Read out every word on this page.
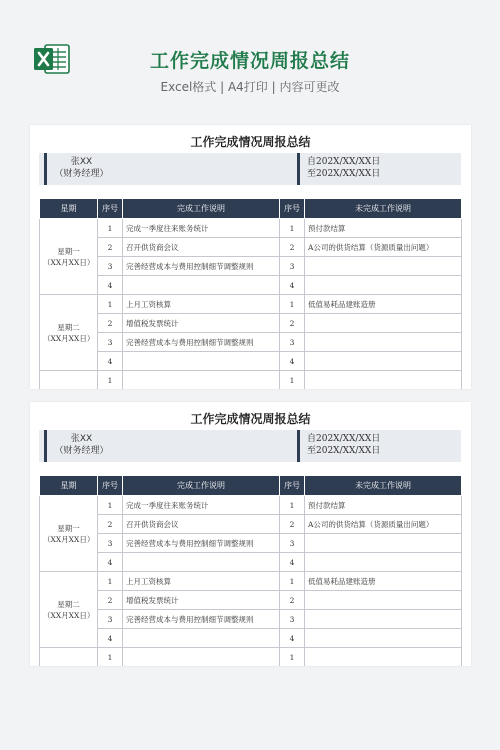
工作完成情况周报总结
Excel格式 | A4打印 | 内容可更改
工作完成情况周报总结
张XX
（财务经理）
自202X/XX/XX日
至202X/XX/XX日
星期	序号	完成工作说明	序号	未完成工作说明

星期一
（XX月XX日）	1	完成一季度往来账务统计	1	预付款结算
	2	召开供货商会议	2	A公司的供货结算（货源质量出问题）
	3	完善经营成本与费用控制细节调整规则	3	
	4		4	

星期二
（XX月XX日）	1	上月工资核算	1	低值易耗品建账造册
	2	增值税发票统计	2	
	3	完善经营成本与费用控制细节调整规则	3	
	4		4	

	1		1	
工作完成情况周报总结
张XX
（财务经理）
自202X/XX/XX日
至202X/XX/XX日
星期	序号	完成工作说明	序号	未完成工作说明

星期一
（XX月XX日）	1	完成一季度往来账务统计	1	预付款结算
	2	召开供货商会议	2	A公司的供货结算（货源质量出问题）
	3	完善经营成本与费用控制细节调整规则	3	
	4		4	

星期二
（XX月XX日）	1	上月工资核算	1	低值易耗品建账造册
	2	增值税发票统计	2	
	3	完善经营成本与费用控制细节调整规则	3	
	4		4	

	1		1	
